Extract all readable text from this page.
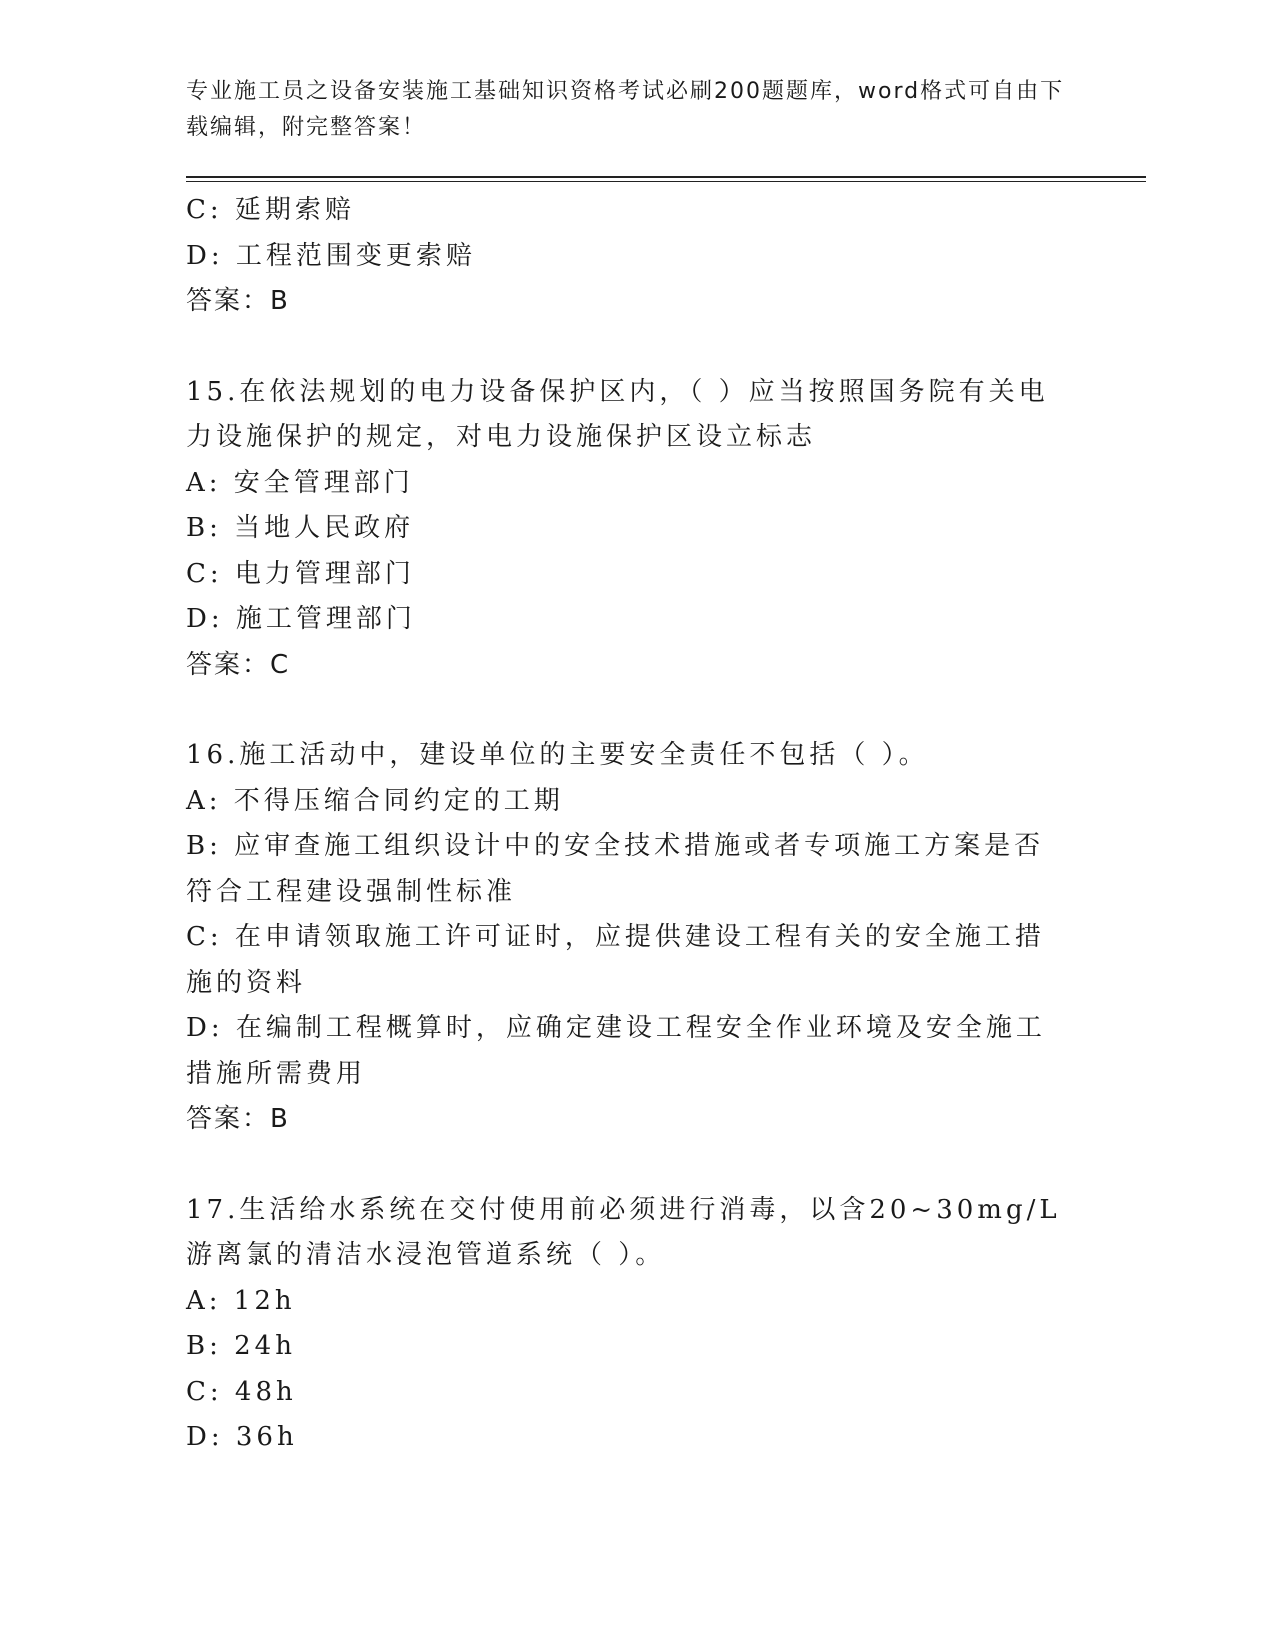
专业施工员之设备安装施工基础知识资格考试必刷200题题库，word格式可自由下载编辑，附完整答案！
C: 延期索赔
D: 工程范围变更索赔
答案：B
15.在依法规划的电力设备保护区内，（ ）应当按照国务院有关电力设施保护的规定，对电力设施保护区设立标志
A: 安全管理部门
B: 当地人民政府
C: 电力管理部门
D: 施工管理部门
答案：C
16.施工活动中，建设单位的主要安全责任不包括（ ）。
A: 不得压缩合同约定的工期
B: 应审查施工组织设计中的安全技术措施或者专项施工方案是否符合工程建设强制性标准
C: 在申请领取施工许可证时，应提供建设工程有关的安全施工措施的资料
D: 在编制工程概算时，应确定建设工程安全作业环境及安全施工措施所需费用
答案：B
17.生活给水系统在交付使用前必须进行消毒，以含20~30mg/L游离氯的清洁水浸泡管道系统（ ）。
A: 12h
B: 24h
C: 48h
D: 36h
